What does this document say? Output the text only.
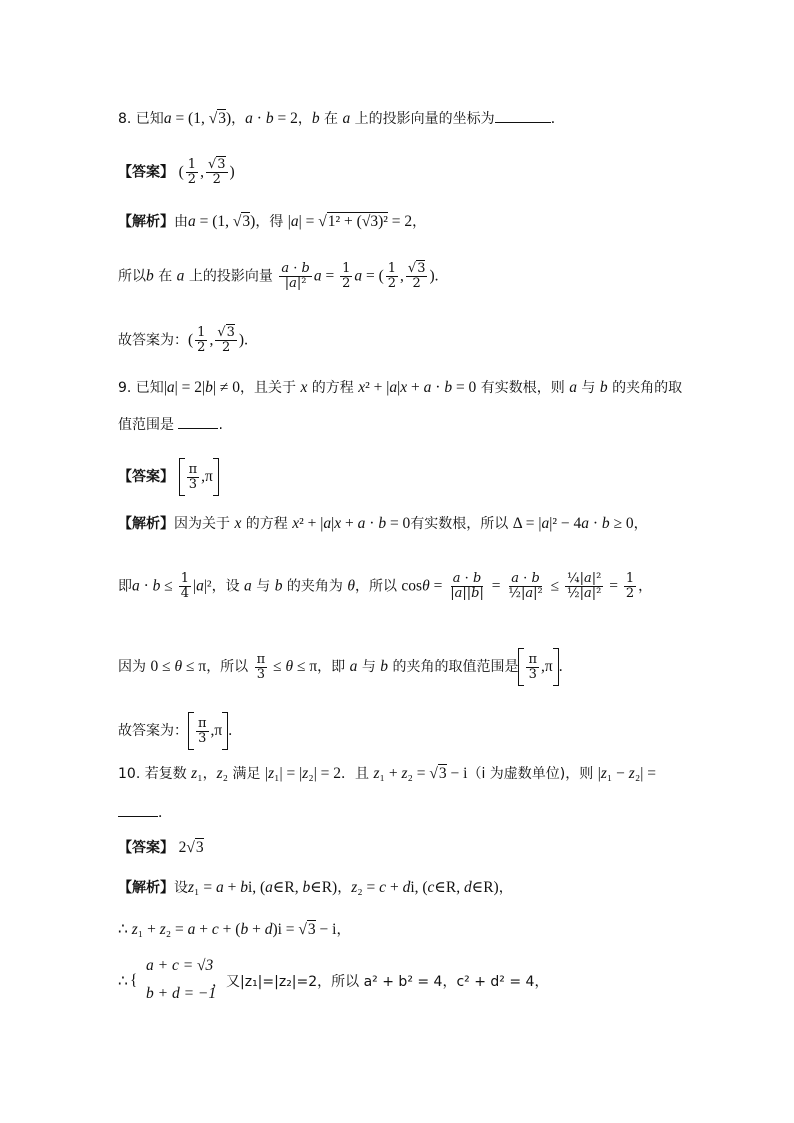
8. 已知a = (1, √3)，a · b = 2，b 在 a 上的投影向量的坐标为	．
【答案】 ( $\frac{1}{2}$ , $\frac{√3}{2}$ )
【解析】由a = (1, √3)，得 |a| = √1² + (√3)² = 2，
所以b 在 a 上的投影向量 $\frac{a \cdot b}{\text{|a|²}}$ $a = \frac{1}{2}$ a = ( $\frac{1}{2}$ , $\frac{√3}{2}$ ).
故答案为：( $\frac{1}{2}$ , $\frac{√3}{2}$ ).
9. 已知|a| = 2|b| ≠ 0，且关于 x 的方程 x² + |a|x + a · b = 0 有实数根，则 a 与 b 的夹角的取
值范围是	.
【答案】 $\frac{\pi}{3} ,\pi$
【解析】因为关于 x 的方程 x² + |a|x + a · b = 0有实数根，所以 Δ = |a|² − 4a · b ≥ 0，
即$a \cdot b \le \frac{1}{4} |a|^2$，设 a 与 b 的夹角为 θ，所以 $\cos\theta = \frac{a \cdot b}{|a||b|} = \frac{a \cdot b}{\text{½|a|²}} \le \frac{\text{¼|a|²}}{\text{½|a|²}} = \frac{1}{2}$ ，
因为 0 ≤ θ ≤ π，所以 $\frac{\pi}{3} \le \theta \le \pi$，即 a 与 b 的夹角的取值范围是 $\frac{\pi}{3} ,\pi$ .
故答案为： $\frac{\pi}{3} ,\pi$ .
10. 若复数 z₁，z₂ 满足 |z₁| = |z₂| = 2．且 z₁ + z₂ = √3 − i（i 为虚数单位)，则 |z₁ − z₂| =
．
【答案】 2√3
【解析】设z₁ = a + bi, (a∈R, b∈R)，z₂ = c + di, (c∈R, d∈R)，
∴ z₁ + z₂ = a + c + (b + d)i = √3 − i，
∴ {
a + c = √3
b + d = −1
，又|z₁|=|z₂|=2，所以 a² + b² = 4，c² + d² = 4，
